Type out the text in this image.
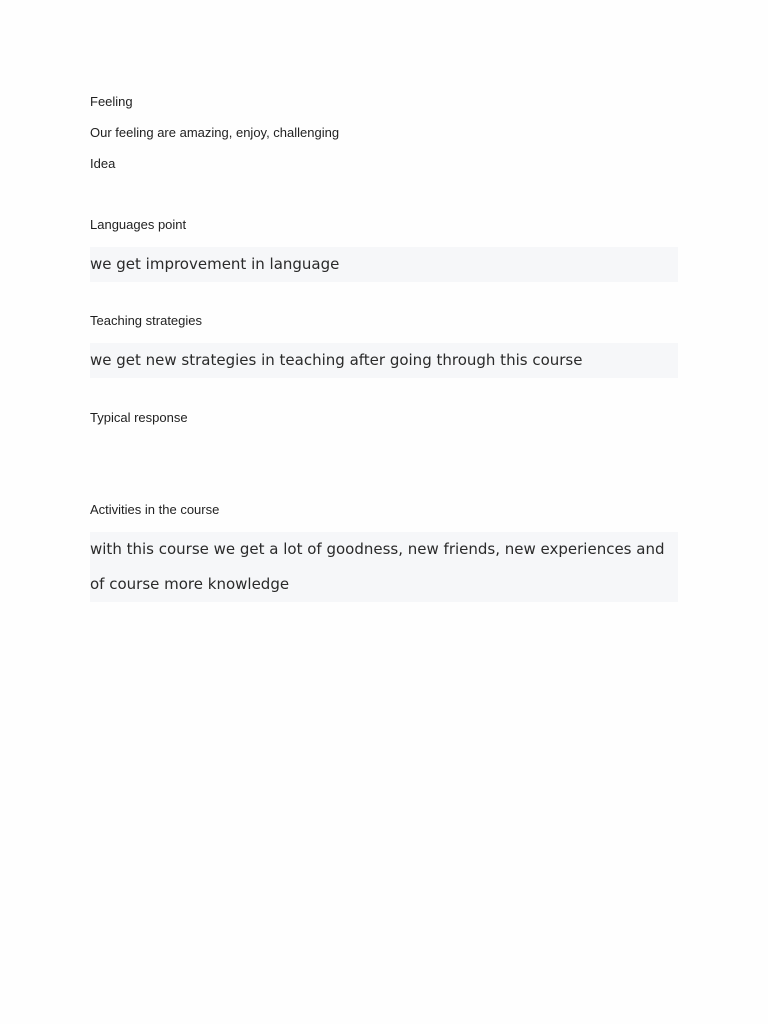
Feeling

Our feeling are amazing, enjoy, challenging

Idea

Languages point

we get improvement in language

Teaching strategies

we get new strategies in teaching after going through this course

Typical response

Activities in the course

with this course we get a lot of goodness, new friends, new experiences and of course more knowledge
